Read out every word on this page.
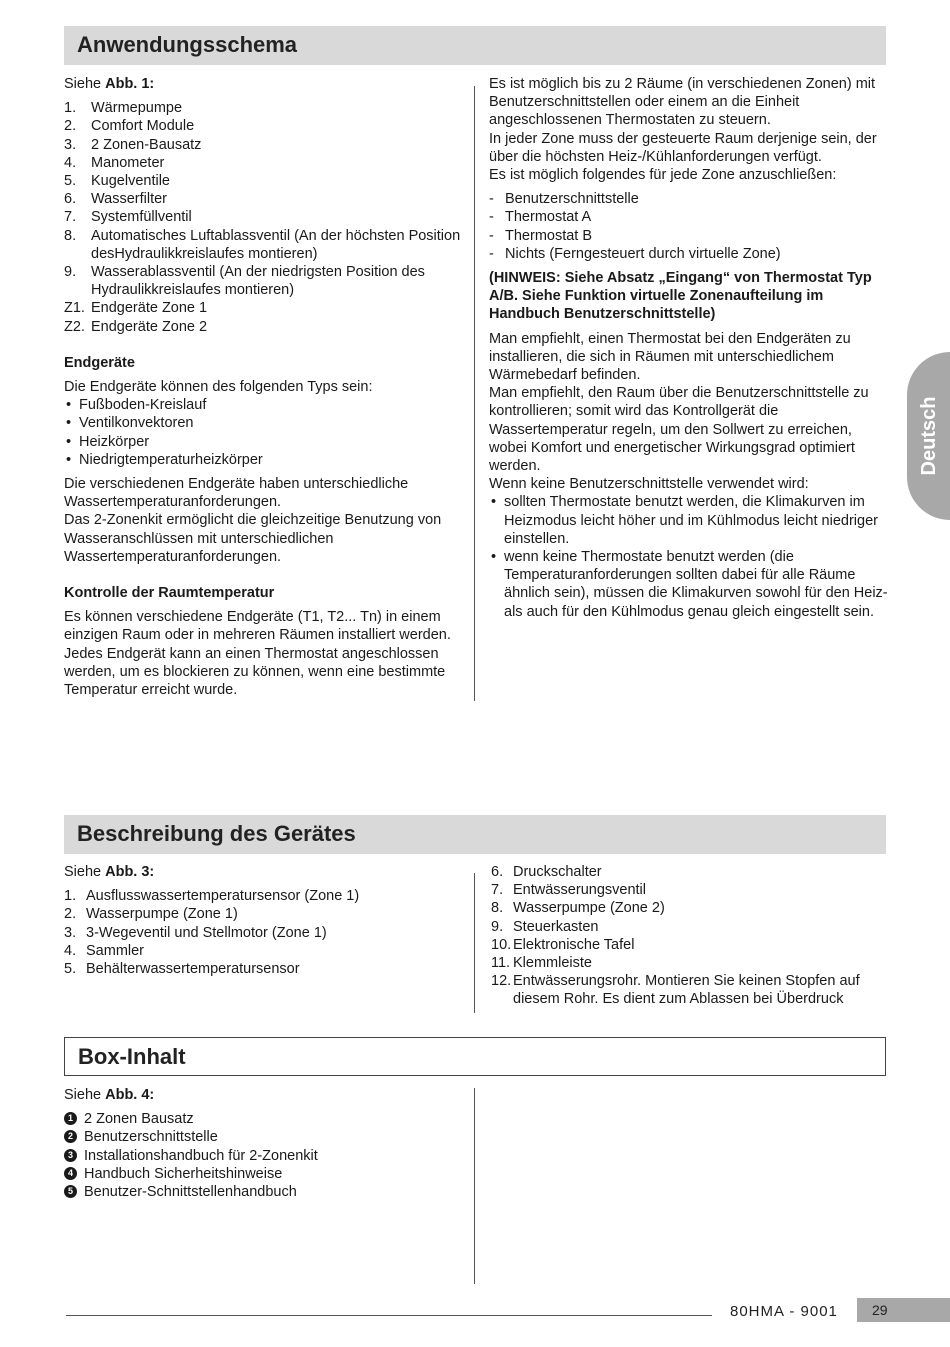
Anwendungsschema

Siehe Abb. 1:

1. Wärmepumpe
2. Comfort Module
3. 2 Zonen-Bausatz
4. Manometer
5. Kugelventile
6. Wasserfilter
7. Systemfüllventil
8. Automatisches Luftablassventil (An der höchsten Position desHydraulikkreislaufes montieren)
9. Wasserablassventil (An der niedrigsten Position des Hydraulikkreislaufes montieren)
Z1. Endgeräte Zone 1
Z2. Endgeräte Zone 2

Endgeräte

Die Endgeräte können des folgenden Typs sein:

• Fußboden-Kreislauf
• Ventilkonvektoren
• Heizkörper
• Niedrigtemperaturheizkörper

Die verschiedenen Endgeräte haben unterschiedliche Wassertemperaturanforderungen.

Das 2-Zonenkit ermöglicht die gleichzeitige Benutzung von Wasseranschlüssen mit unterschiedlichen Wassertemperaturanforderungen.

Kontrolle der Raumtemperatur

Es können verschiedene Endgeräte (T1, T2... Tn) in einem einzigen Raum oder in mehreren Räumen installiert werden. Jedes Endgerät kann an einen Thermostat angeschlossen werden, um es blockieren zu können, wenn eine bestimmte Temperatur erreicht wurde.

Es ist möglich bis zu 2 Räume (in verschiedenen Zonen) mit Benutzerschnittstellen oder einem an die Einheit angeschlossenen Thermostaten zu steuern.

In jeder Zone muss der gesteuerte Raum derjenige sein, der über die höchsten Heiz-/Kühlanforderungen verfügt.

Es ist möglich folgendes für jede Zone anzuschließen:

- Benutzerschnittstelle
- Thermostat A
- Thermostat B
- Nichts (Ferngesteuert durch virtuelle Zone)

(HINWEIS: Siehe Absatz „Eingang“ von Thermostat Typ A/B. Siehe Funktion virtuelle Zonenaufteilung im Handbuch Benutzerschnittstelle)

Man empfiehlt, einen Thermostat bei den Endgeräten zu installieren, die sich in Räumen mit unterschiedlichem Wärmebedarf befinden.

Man empfiehlt, den Raum über die Benutzerschnittstelle zu kontrollieren; somit wird das Kontrollgerät die Wassertemperatur regeln, um den Sollwert zu erreichen, wobei Komfort und energetischer Wirkungsgrad optimiert werden.

Wenn keine Benutzerschnittstelle verwendet wird:

• sollten Thermostate benutzt werden, die Klimakurven im Heizmodus leicht höher und im Kühlmodus leicht niedriger einstellen.
• wenn keine Thermostate benutzt werden (die Temperaturanforderungen sollten dabei für alle Räume ähnlich sein), müssen die Klimakurven sowohl für den Heiz-als auch für den Kühlmodus genau gleich eingestellt sein.
Deutsch
Beschreibung des Gerätes

Siehe Abb. 3:

1. Ausflusswassertemperatursensor (Zone 1)
2. Wasserpumpe (Zone 1)
3. 3-Wegeventil und Stellmotor (Zone 1)
4. Sammler
5. Behälterwassertemperatursensor
6. Druckschalter
7. Entwässerungsventil
8. Wasserpumpe (Zone 2)
9. Steuerkasten
10. Elektronische Tafel
11. Klemmleiste
12. Entwässerungsrohr. Montieren Sie keinen Stopfen auf diesem Rohr. Es dient zum Ablassen bei Überdruck
Box-Inhalt

Siehe Abb. 4:

1 2 Zonen Bausatz
2 Benutzerschnittstelle
3 Installationshandbuch für 2-Zonenkit
4 Handbuch Sicherheitshinweise
5 Benutzer-Schnittstellenhandbuch
80HMA - 9001	29
